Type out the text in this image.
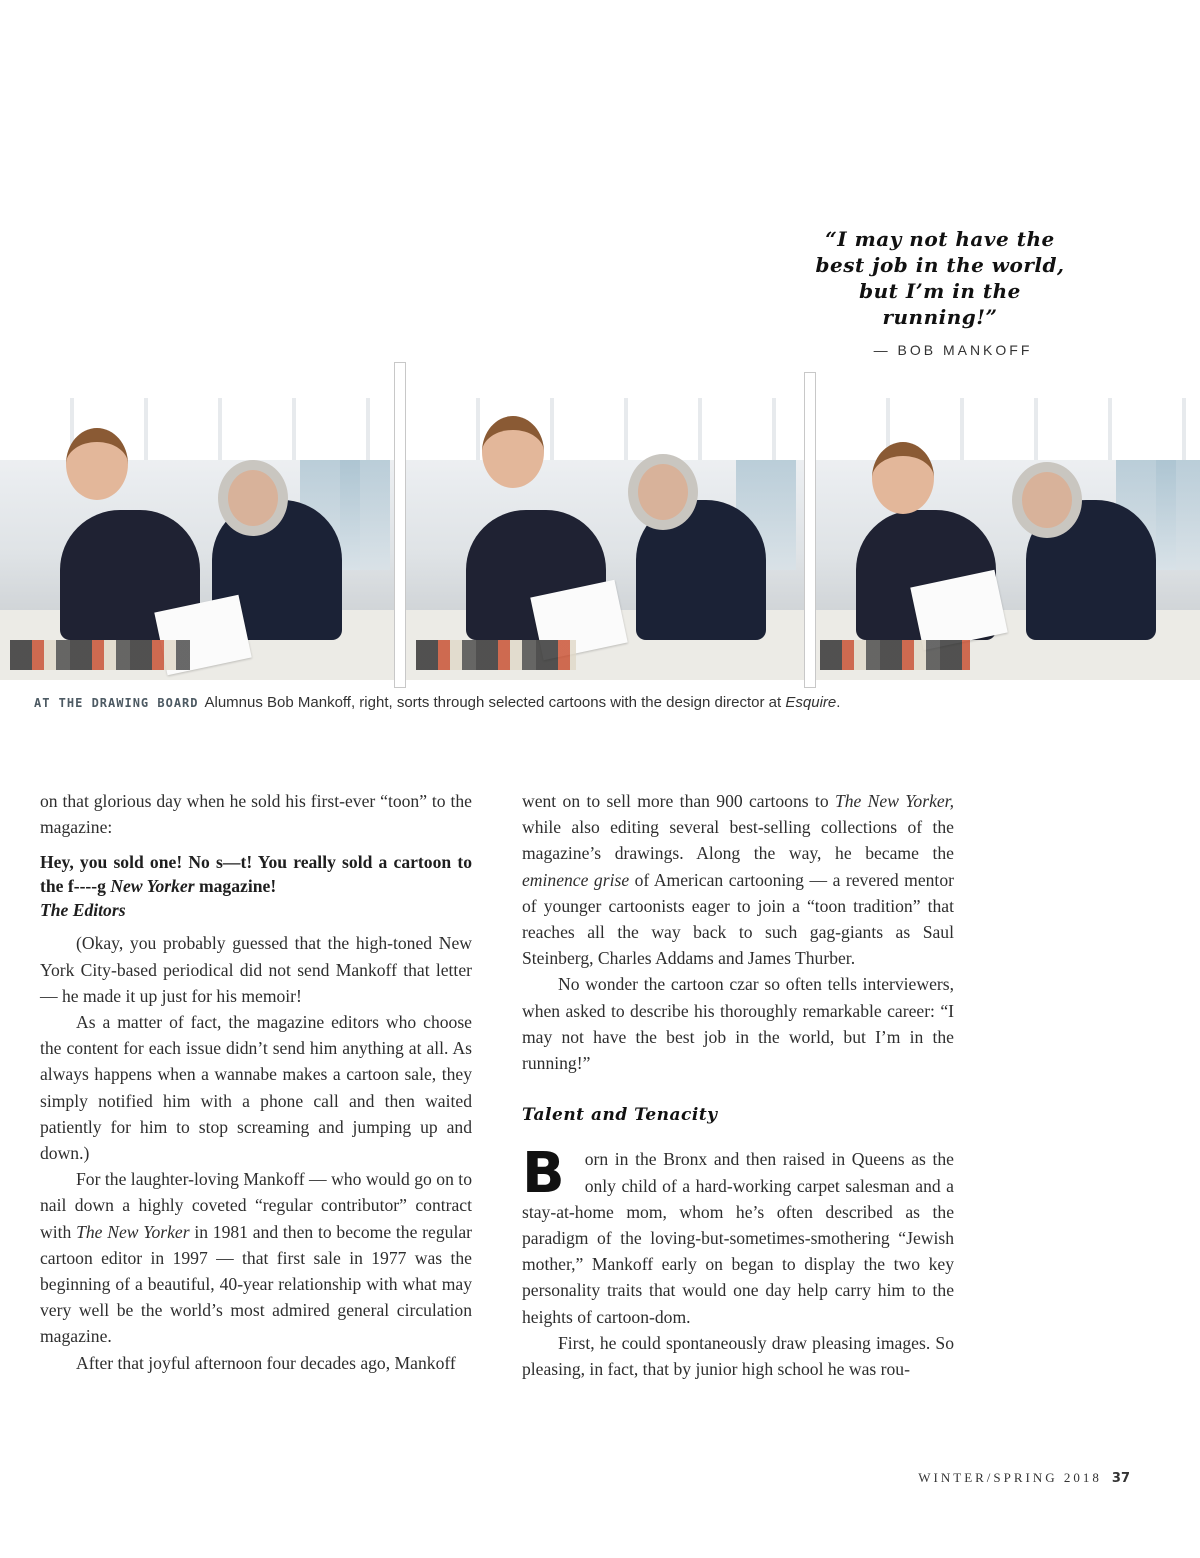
“I may not have the best job in the world, but I’m in the running!”
— BOB MANKOFF
AT THE DRAWING BOARD Alumnus Bob Mankoff, right, sorts through selected cartoons with the design director at Esquire.

on that glorious day when he sold his first-ever “toon” to the magazine:

Hey, you sold one! No s—t! You really sold a cartoon to the f----g New Yorker magazine!
The Editors

(Okay, you probably guessed that the high-toned New York City-based periodical did not send Mankoff that letter — he made it up just for his memoir!

As a matter of fact, the magazine editors who choose the content for each issue didn’t send him anything at all. As always happens when a wannabe makes a cartoon sale, they simply notified him with a phone call and then waited patiently for him to stop screaming and jumping up and down.)

For the laughter-loving Mankoff — who would go on to nail down a highly coveted “regular contributor” contract with The New Yorker in 1981 and then to become the regular cartoon editor in 1997 — that first sale in 1977 was the beginning of a beautiful, 40-year relationship with what may very well be the world’s most admired general circulation magazine.

After that joyful afternoon four decades ago, Mankoff

went on to sell more than 900 cartoons to The New Yorker, while also editing several best-selling collections of the magazine’s drawings. Along the way, he became the eminence grise of American cartooning — a revered mentor of younger cartoonists eager to join a “toon tradition” that reaches all the way back to such gag-giants as Saul Steinberg, Charles Addams and James Thurber.

No wonder the cartoon czar so often tells interviewers, when asked to describe his thoroughly remarkable career: “I may not have the best job in the world, but I’m in the running!”

Talent and Tenacity

B orn in the Bronx and then raised in Queens as the only child of a hard-working carpet salesman and a stay-at-home mom, whom he’s often described as the paradigm of the loving-but-sometimes-smothering “Jewish mother,” Mankoff early on began to display the two key personality traits that would one day help carry him to the heights of cartoon-dom.

First, he could spontaneously draw pleasing images. So pleasing, in fact, that by junior high school he was rou-

WINTER/SPRING 2018 37
